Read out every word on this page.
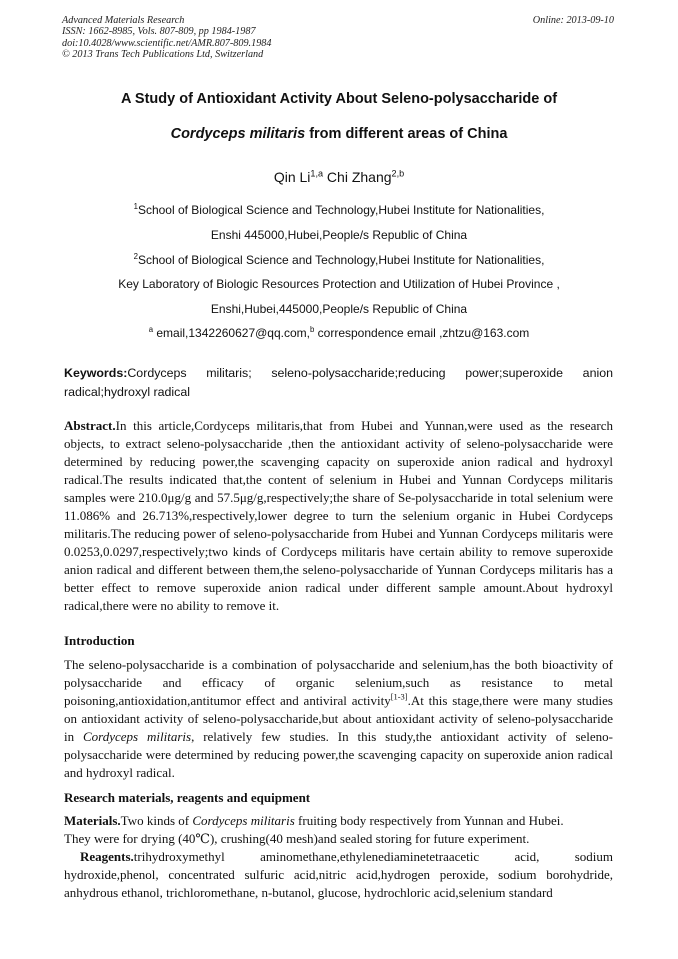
Advanced Materials Research
ISSN: 1662-8985, Vols. 807-809, pp 1984-1987
doi:10.4028/www.scientific.net/AMR.807-809.1984
© 2013 Trans Tech Publications Ltd, Switzerland
Online: 2013-09-10
A Study of Antioxidant Activity About Seleno-polysaccharide of
Cordyceps militaris from different areas of China
Qin Li$^{1,a}$ Chi Zhang$^{2,b}$
$^1$School of Biological Science and Technology,Hubei Institute for Nationalities,
Enshi 445000,Hubei,People/s Republic of China
$^2$School of Biological Science and Technology,Hubei Institute for Nationalities,
Key Laboratory of Biologic Resources Protection and Utilization of Hubei Province ,
Enshi,Hubei,445000,People/s Republic of China
$^a$ email,1342260627@qq.com,$^b$ correspondence email ,zhtzu@163.com
Keywords:Cordyceps militaris; seleno-polysaccharide;reducing power;superoxide anion radical;hydroxyl radical
Abstract.In this article,Cordyceps militaris,that from Hubei and Yunnan,were used as the research objects, to extract seleno-polysaccharide ,then the antioxidant activity of seleno-polysaccharide were determined by reducing power,the scavenging capacity on superoxide anion radical and hydroxyl radical.The results indicated that,the content of selenium in Hubei and Yunnan Cordyceps militaris samples were 210.0μg/g and 57.5μg/g,respectively;the share of Se-polysaccharide in total selenium were 11.086% and 26.713%,respectively,lower degree to turn the selenium organic in Hubei Cordyceps militaris.The reducing power of seleno-polysaccharide from Hubei and Yunnan Cordyceps militaris were 0.0253,0.0297,respectively;two kinds of Cordyceps militaris have certain ability to remove superoxide anion radical and different between them,the seleno-polysaccharide of Yunnan Cordyceps militaris has a better effect to remove superoxide anion radical under different sample amount.About hydroxyl radical,there were no ability to remove it.
Introduction
The seleno-polysaccharide is a combination of polysaccharide and selenium,has the both bioactivity of polysaccharide and efficacy of organic selenium,such as resistance to metal poisoning,antioxidation,antitumor effect and antiviral activity[1-3].At this stage,there were many studies on antioxidant activity of seleno-polysaccharide,but about antioxidant activity of seleno-polysaccharide in Cordyceps militaris, relatively few studies. In this study,the antioxidant activity of seleno-polysaccharide were determined by reducing power,the scavenging capacity on superoxide anion radical and hydroxyl radical.
Research materials, reagents and equipment
Materials.Two kinds of Cordyceps militaris fruiting body respectively from Yunnan and Hubei.
They were for drying (40℃), crushing(40 mesh)and sealed storing for future experiment.
Reagents.trihydroxymethyl aminomethane,ethylenediaminetetraacetic acid, sodium hydroxide,phenol, concentrated sulfuric acid,nitric acid,hydrogen peroxide, sodium borohydride, anhydrous ethanol, trichloromethane, n-butanol, glucose, hydrochloric acid,selenium standard
